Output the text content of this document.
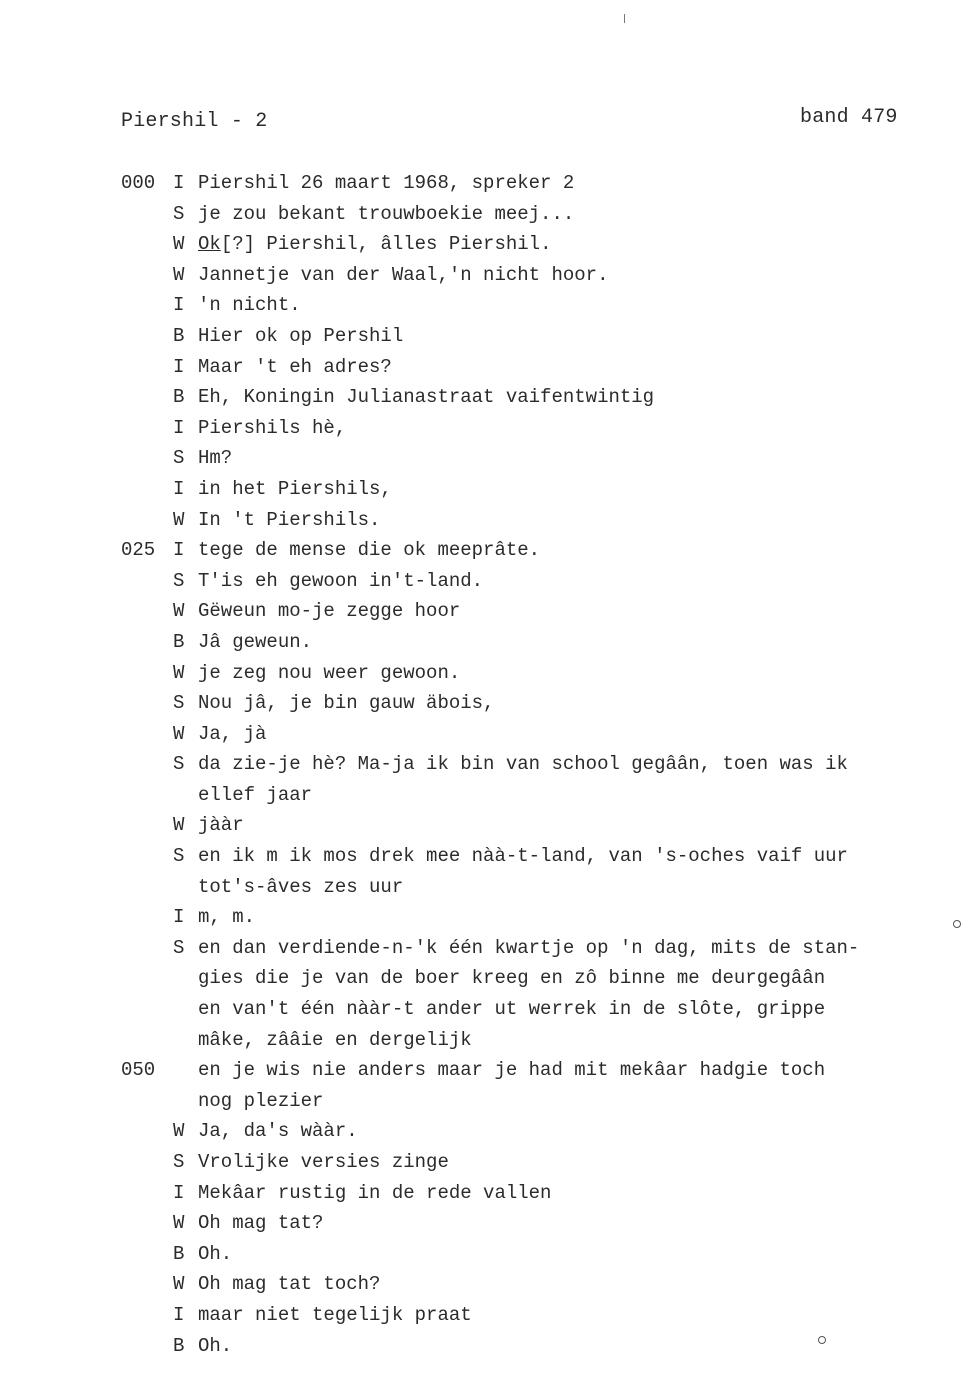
Piershil - 2	band 479
000 I Piershil 26 maart 1968, spreker 2
S je zou bekant trouwboekie meej...
W Ok[?] Piershil, âlles Piershil.
W Jannetje van der Waal,'n nicht hoor.
I 'n nicht.
B Hier ok op Pershil
I Maar 't eh adres?
B Eh, Koningin Julianastraat vaifentwintig
I Piershils hè,
S Hm?
I in het Piershils,
W In 't Piershils.
025 I tege de mense die ok meeprâte.
S T'is eh gewoon in't-land.
W Gëweun mo-je zegge hoor
B Jâ geweun.
W je zeg nou weer gewoon.
S Nou jâ, je bin gauw äbois,
W Ja, jà
S da zie-je hè? Ma-ja ik bin van school gegâân, toen was ik
ellef jaar
W jààr
S en ik m ik mos drek mee nàà-t-land, van 's-oches vaif uur
tot's-âves zes uur
I m, m.
S en dan verdiende-n-'k één kwartje op 'n dag, mits de stan-
gies die je van de boer kreeg en zô binne me deurgegâân
en van't één nààr-t ander ut werrek in de slôte, grippe
mâke, zââie en dergelijk
050	en je wis nie anders maar je had mit mekâar hadgie toch
nog plezier
W Ja, da's wààr.
S Vrolijke versies zinge
I Mekâar rustig in de rede vallen
W Oh mag tat?
B Oh.
W Oh mag tat toch?
I maar niet tegelijk praat
B Oh.
